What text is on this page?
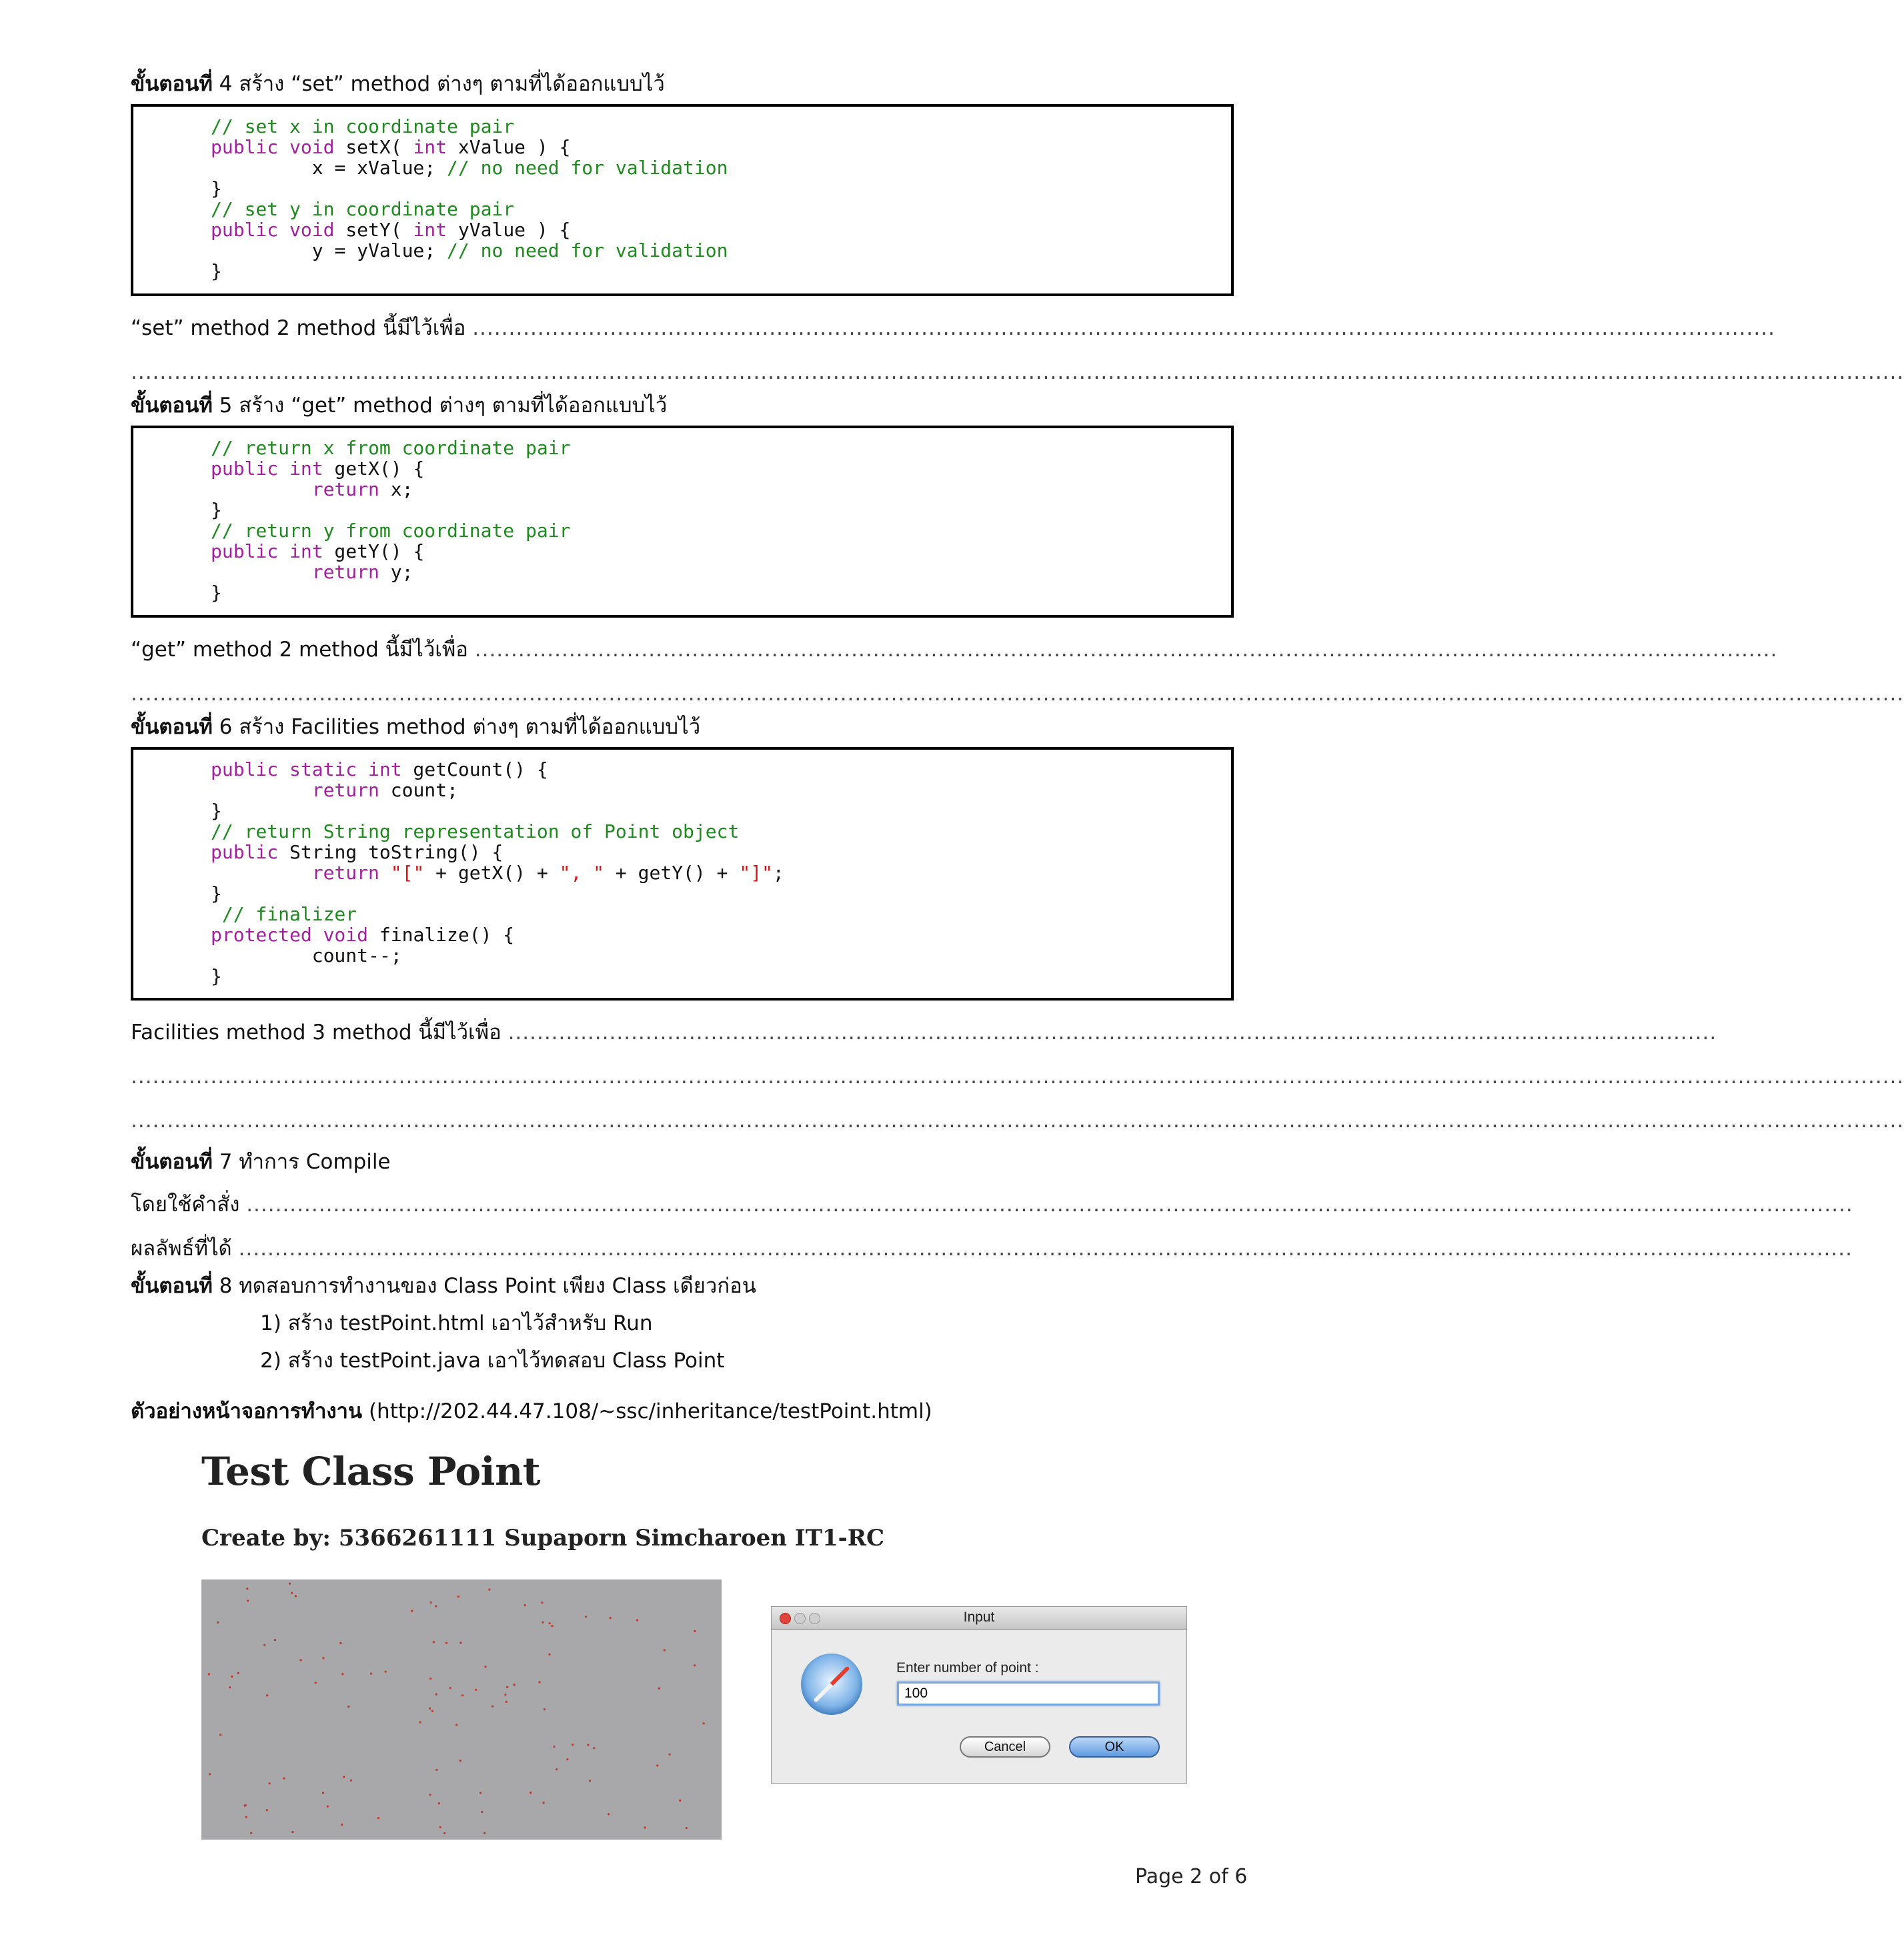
ขั้นตอนที่ 4 สร้าง “set” method ต่างๆ ตามที่ได้ออกแบบไว้
// set x in coordinate pair
public void setX( int xValue ) {
x = xValue; // no need for validation
}
// set y in coordinate pair
public void setY( int yValue ) {
y = yValue; // no need for validation
}
“set” method 2 method นี้มีไว้เพื่อ ....................................................................................................................................................................................
.....................................................................................................................................................................................................................................................
ขั้นตอนที่ 5 สร้าง “get” method ต่างๆ ตามที่ได้ออกแบบไว้
// return x from coordinate pair
public int getX() {
return x;
}
// return y from coordinate pair
public int getY() {
return y;
}
“get” method 2 method นี้มีไว้เพื่อ ....................................................................................................................................................................................
.....................................................................................................................................................................................................................................................
ขั้นตอนที่ 6 สร้าง Facilities method ต่างๆ ตามที่ได้ออกแบบไว้
public static int getCount() {
return count;
}
// return String representation of Point object
public String toString() {
return "[" + getX() + ", " + getY() + "]";
}
// finalizer
protected void finalize() {
count--;
}
Facilities method 3 method นี้มีไว้เพื่อ .......................................................................................................................................................................
.....................................................................................................................................................................................................................................................
.....................................................................................................................................................................................................................................................
ขั้นตอนที่ 7 ทำการ Compile
โดยใช้คำสั่ง ..............................................................................................................................................................................................................................
ผลลัพธ์ที่ได้ ...............................................................................................................................................................................................................................
ขั้นตอนที่ 8 ทดสอบการทำงานของ Class Point เพียง Class เดียวก่อน
1) สร้าง testPoint.html เอาไว้สำหรับ Run
2) สร้าง testPoint.java เอาไว้ทดสอบ Class Point
ตัวอย่างหน้าจอการทำงาน (http://202.44.47.108/~ssc/inheritance/testPoint.html)
Test Class Point
Create by: 5366261111 Supaporn Simcharoen IT1-RC
Input
Enter number of point :
100
Cancel	OK
Page 2 of 6
